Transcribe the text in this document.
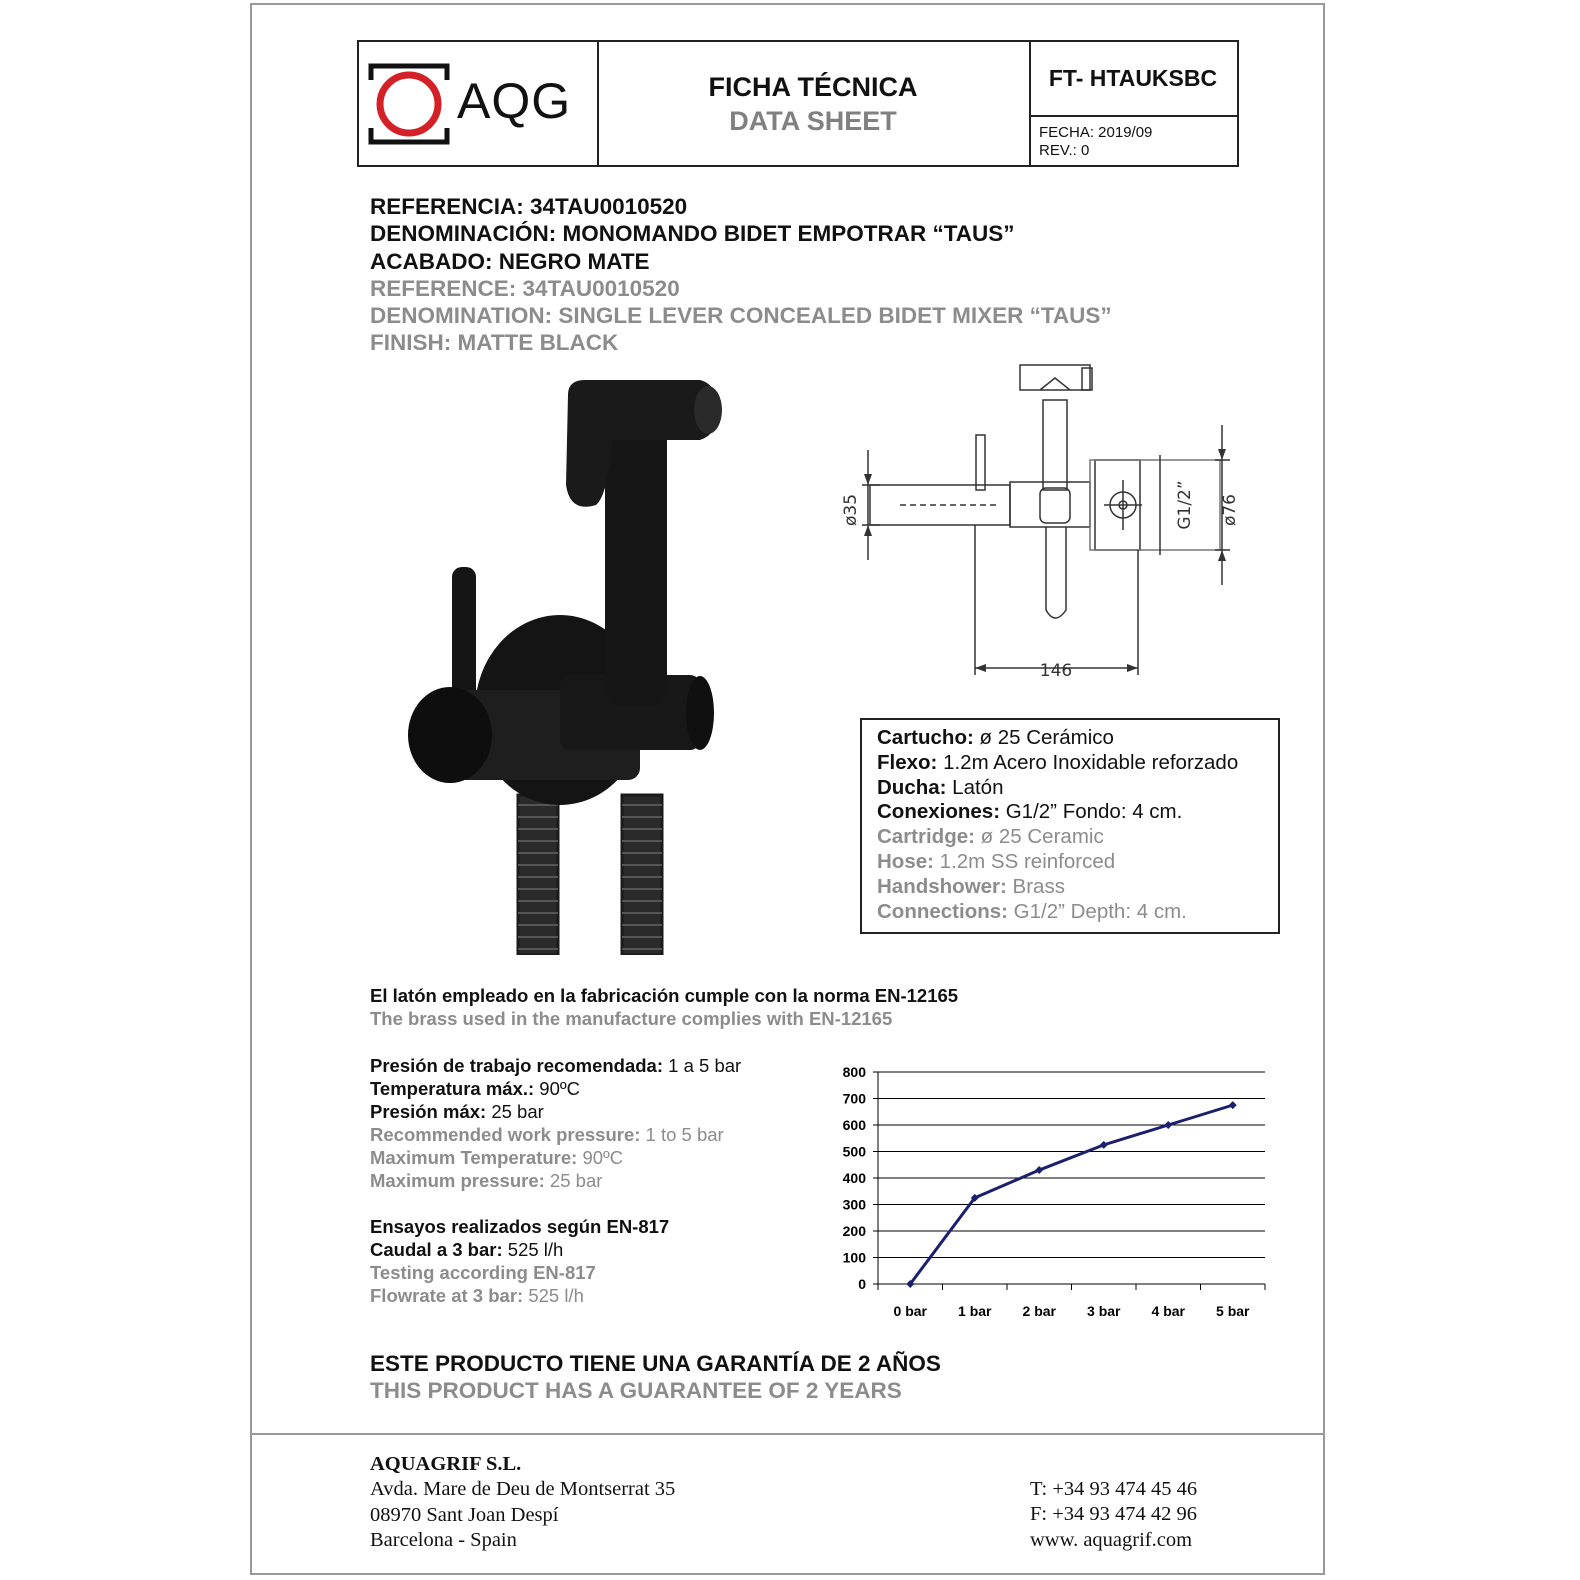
AQG	FICHA TÉCNICA
DATA SHEET
FT- HTAUKSBC
FECHA: 2019/09
REV.: 0
REFERENCIA: 34TAU0010520
DENOMINACIÓN: MONOMANDO BIDET EMPOTRAR “TAUS”
ACABADO: NEGRO MATE
REFERENCE: 34TAU0010520
DENOMINATION: SINGLE LEVER CONCEALED BIDET MIXER “TAUS”
FINISH: MATTE BLACK
ø35	ø76
G1/2”
146
Cartucho: ø 25 Cerámico
Flexo: 1.2m Acero Inoxidable reforzado
Ducha: Latón
Conexiones: G1/2” Fondo: 4 cm.
Cartridge: ø 25 Ceramic
Hose: 1.2m SS reinforced
Handshower: Brass
Connections: G1/2” Depth: 4 cm.
El latón empleado en la fabricación cumple con la norma EN-12165
The brass used in the manufacture complies with EN-12165
Presión de trabajo recomendada: 1 a 5 bar
Temperatura máx.: 90ºC
Presión máx: 25 bar
Recommended work pressure: 1 to 5 bar
Maximum Temperature: 90ºC
Maximum pressure: 25 bar
Ensayos realizados según EN-817
Caudal a 3 bar: 525 l/h
Testing according EN-817
Flowrate at 3 bar: 525 l/h
0
100
200
300
400
500
600
700
800
0 bar 1 bar 2 bar 3 bar 4 bar 5 bar
ESTE PRODUCTO TIENE UNA GARANTÍA DE 2 AÑOS
THIS PRODUCT HAS A GUARANTEE OF 2 YEARS
AQUAGRIF S.L.
Avda. Mare de Deu de Montserrat 35
08970 Sant Joan Despí
Barcelona - Spain
T: +34 93 474 45 46
F: +34 93 474 42 96
www. aquagrif.com
